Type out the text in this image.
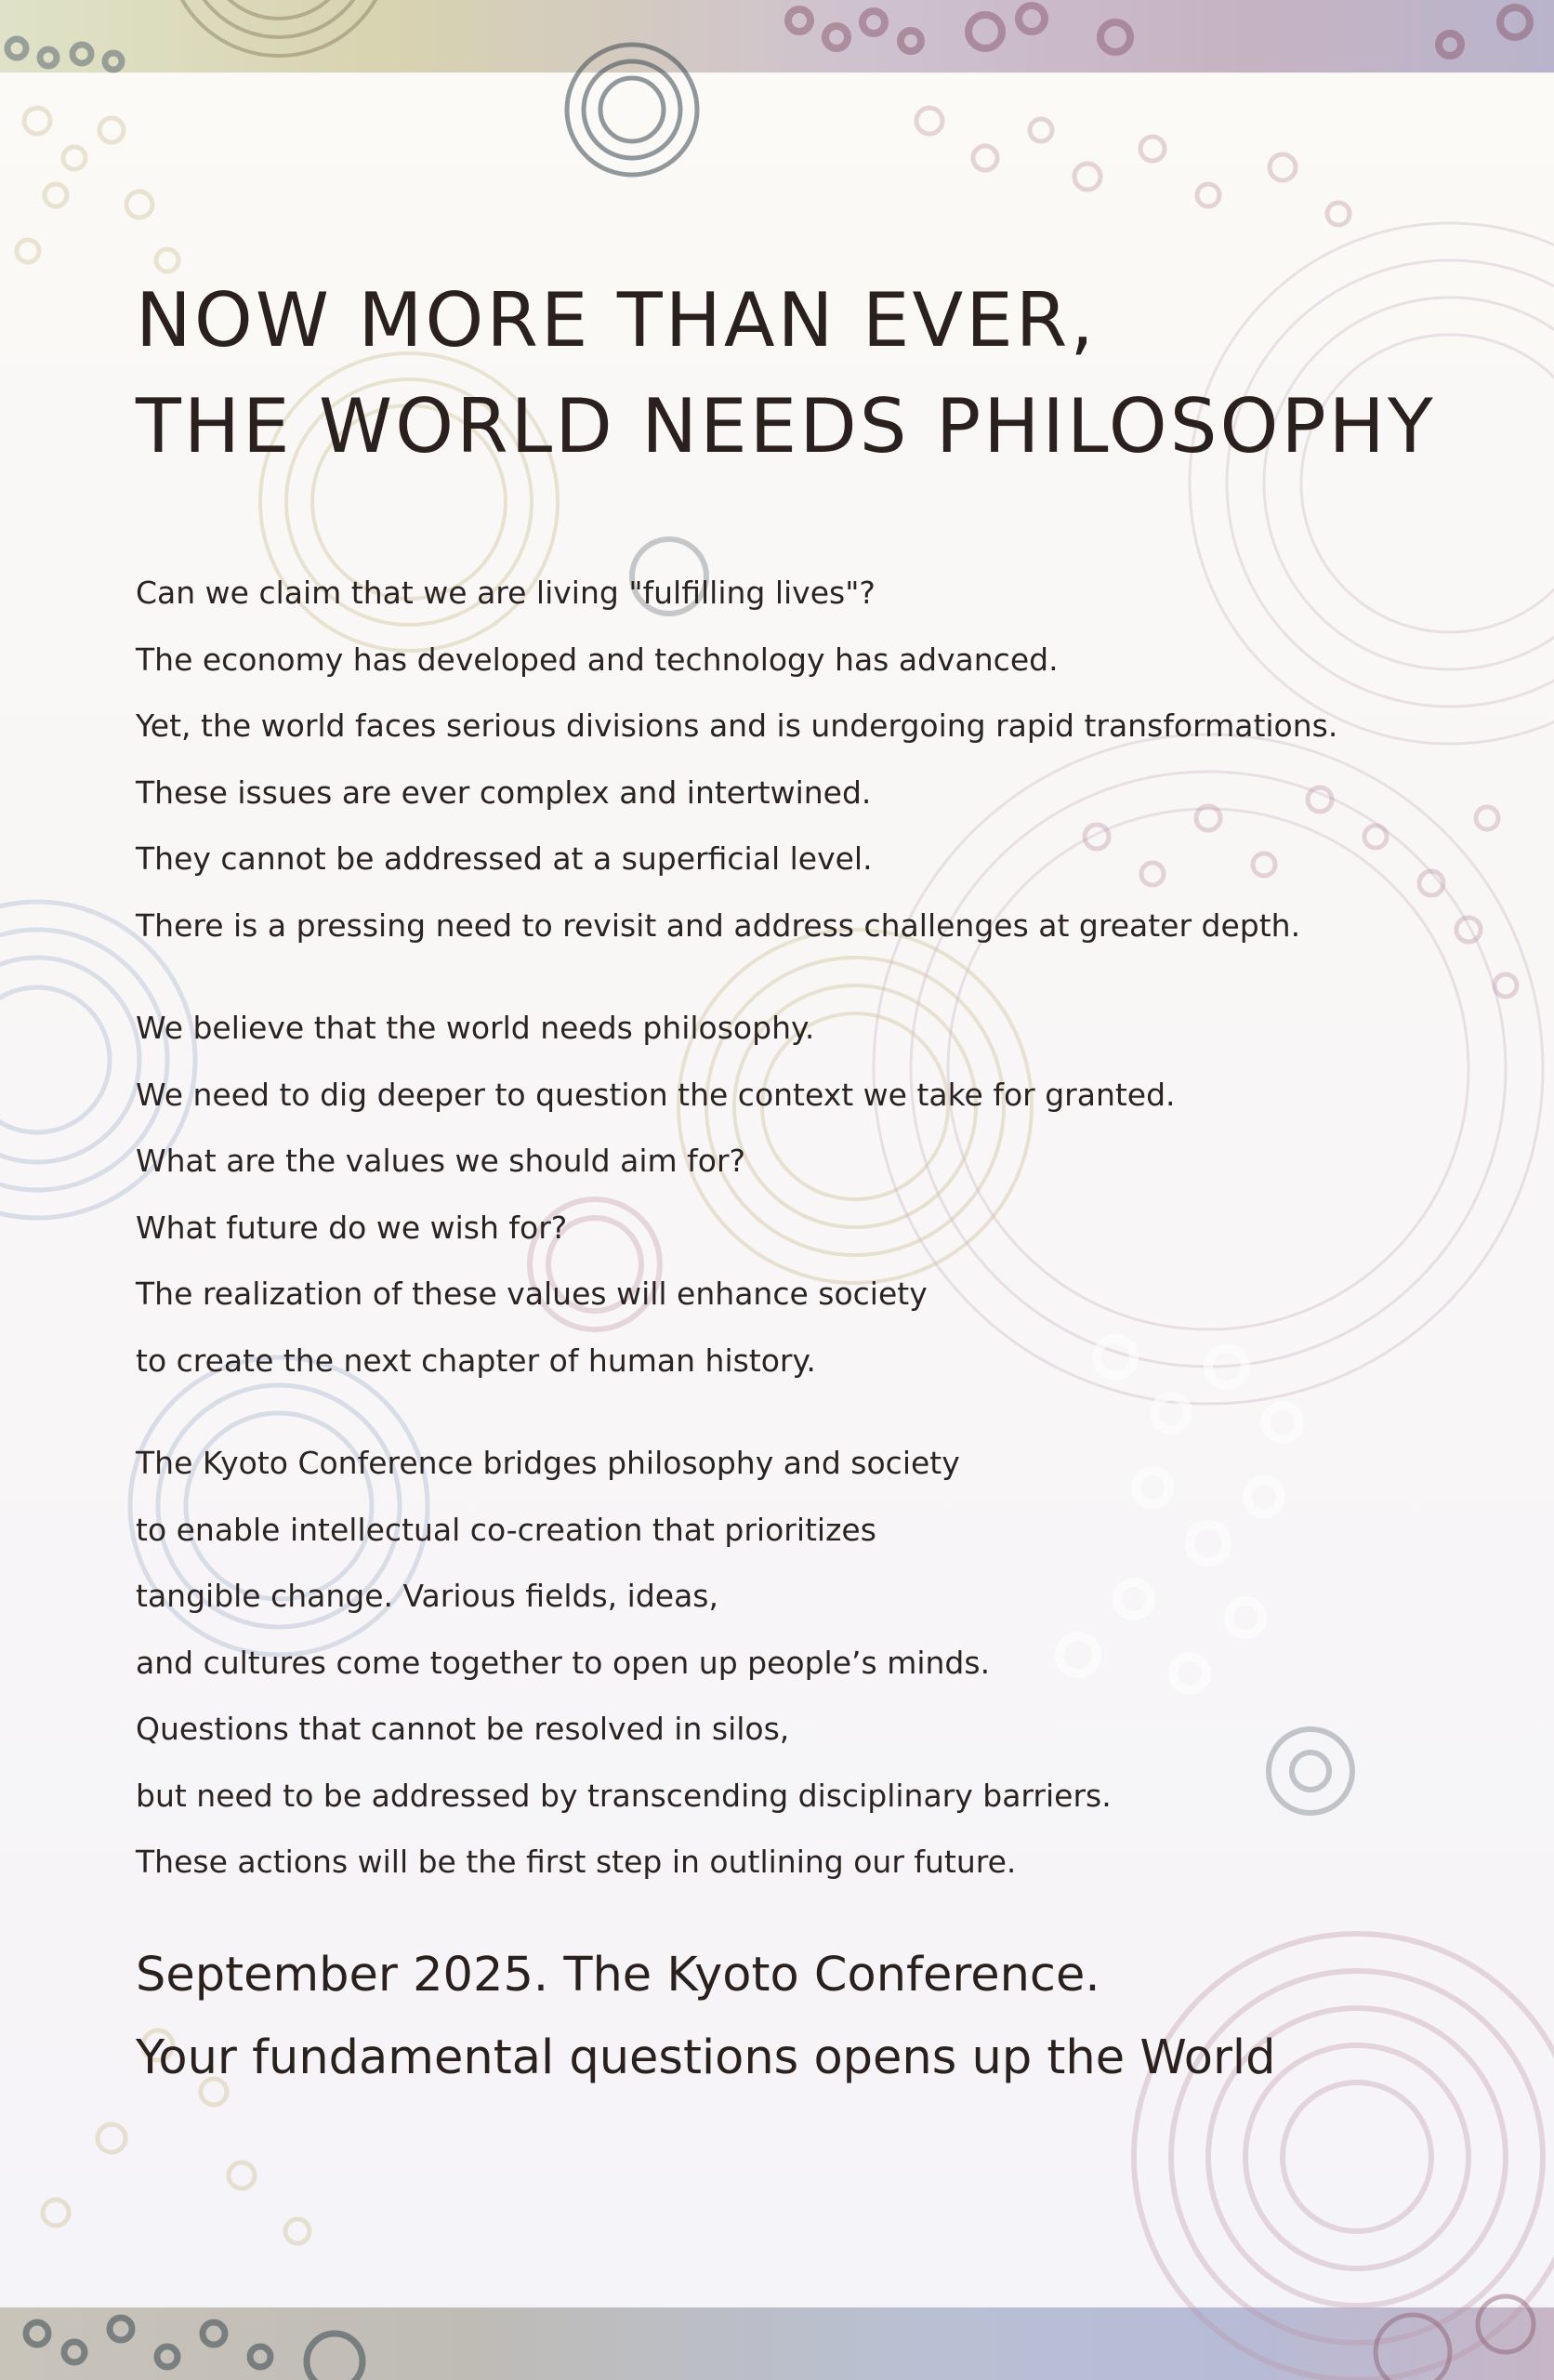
NOW MORE THAN EVER,
THE WORLD NEEDS PHILOSOPHY
Can we claim that we are living "fulfilling lives"?
The economy has developed and technology has advanced.
Yet, the world faces serious divisions and is undergoing rapid transformations.
These issues are ever complex and intertwined.
They cannot be addressed at a superficial level.
There is a pressing need to revisit and address challenges at greater depth.
We believe that the world needs philosophy.
We need to dig deeper to question the context we take for granted.
What are the values we should aim for?
What future do we wish for?
The realization of these values will enhance society
to create the next chapter of human history.
The Kyoto Conference bridges philosophy and society
to enable intellectual co-creation that prioritizes
tangible change. Various fields, ideas,
and cultures come together to open up people’s minds.
Questions that cannot be resolved in silos,
but need to be addressed by transcending disciplinary barriers.
These actions will be the first step in outlining our future.
September 2025. The Kyoto Conference.
Your fundamental questions opens up the World
